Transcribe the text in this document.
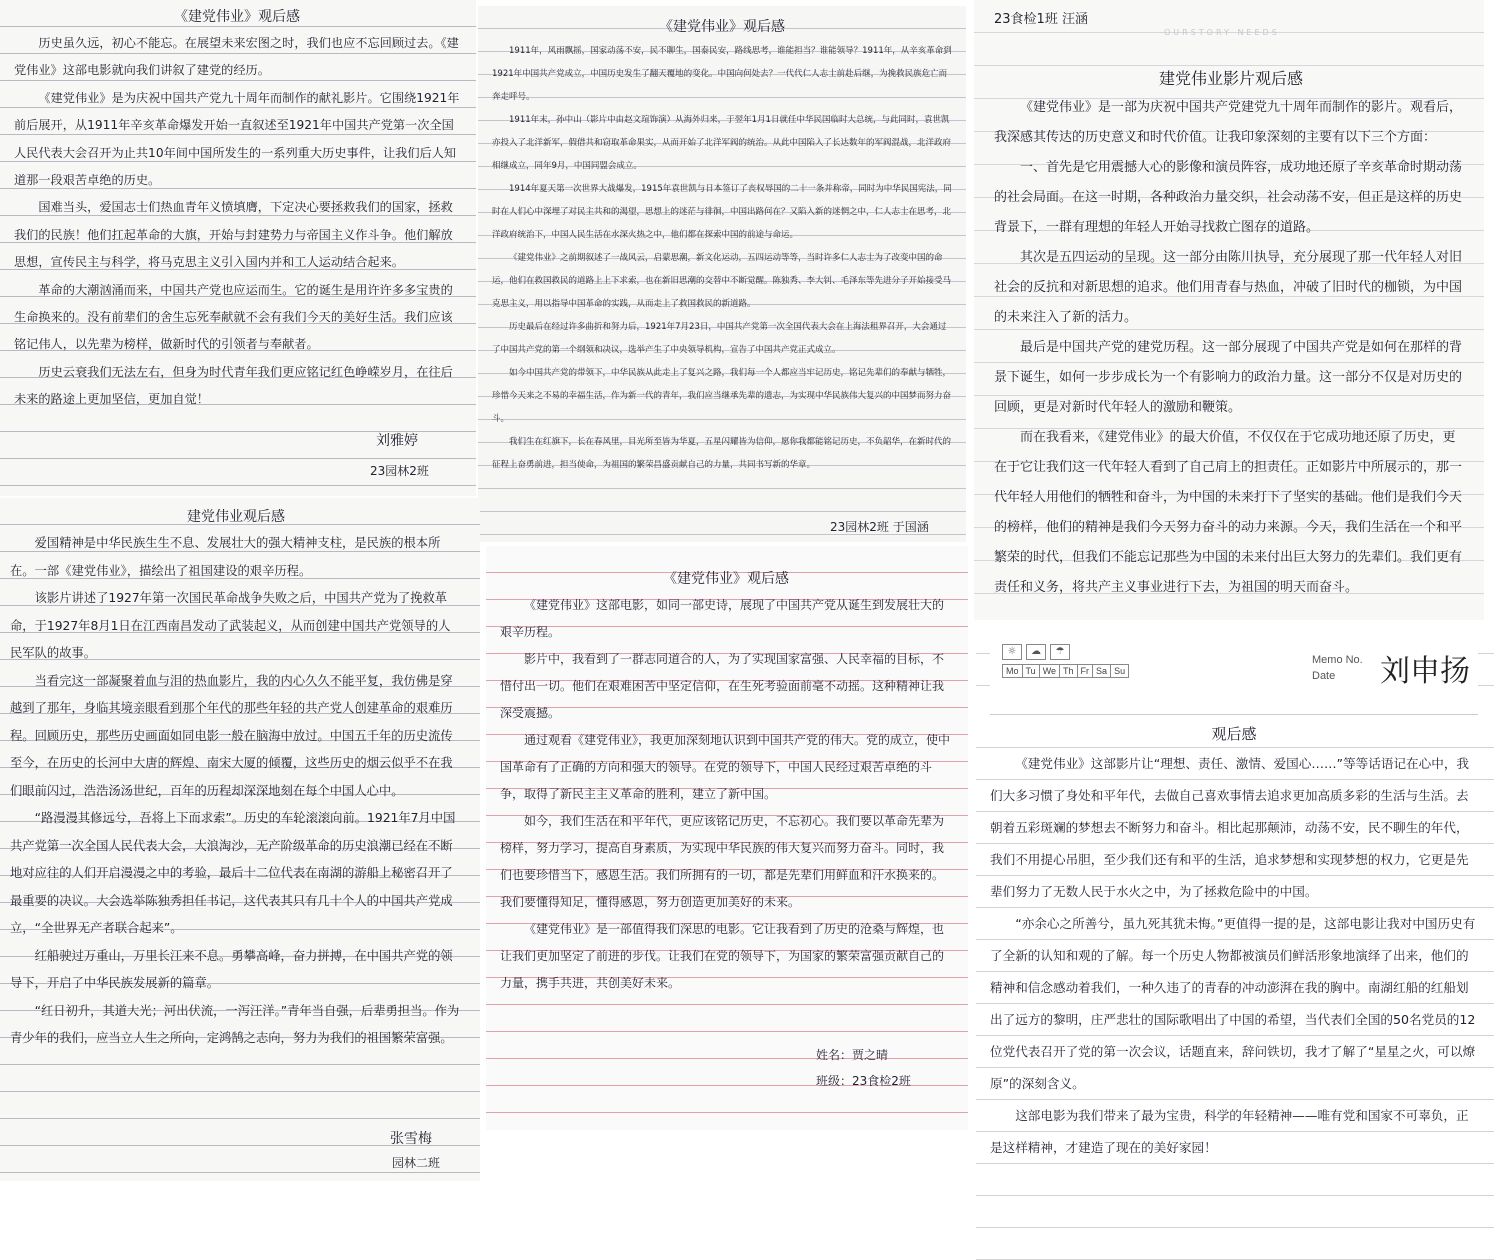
《建党伟业》观后感

历史虽久远，初心不能忘。在展望未来宏图之时，我们也应不忘回顾过去。《建党伟业》这部电影就向我们讲叙了建党的经历。

《建党伟业》是为庆祝中国共产党九十周年而制作的献礼影片。它围绕1921年前后展开，从1911年辛亥革命爆发开始一直叙述至1921年中国共产党第一次全国人民代表大会召开为止共10年间中国所发生的一系列重大历史事件，让我们后人知道那一段艰苦卓绝的历史。

国难当头，爱国志士们热血青年义愤填膺，下定决心要拯救我们的国家，拯救我们的民族！他们扛起革命的大旗，开始与封建势力与帝国主义作斗争。他们解放思想，宣传民主与科学，将马克思主义引入国内并和工人运动结合起来。

革命的大潮汹涌而来，中国共产党也应运而生。它的诞生是用许许多多宝贵的生命换来的。没有前辈们的舍生忘死奉献就不会有我们今天的美好生活。我们应该铭记伟人，以先辈为榜样，做新时代的引领者与奉献者。

历史云衰我们无法左右，但身为时代青年我们更应铭记红色峥嵘岁月，在往后未来的路途上更加坚信，更加自觉！

刘雅婷
23园林2班
《建党伟业》观后感

1911年，风雨飘摇，国家动荡不安，民不聊生，国泰民安，路线思考，谁能担当？谁能领导？1911年，从辛亥革命到1921年中国共产党成立，中国历史发生了翻天覆地的变化。中国向何处去？一代代仁人志士前赴后继，为挽救民族危亡而奔走呼号。

1911年末，孙中山（影片中由赵文瑄饰演）从海外归来，于翌年1月1日就任中华民国临时大总统，与此同时，袁世凯亦投入了北洋新军，假借共和窃取革命果实，从而开始了北洋军阀的统治。从此中国陷入了长达数年的军阀混战，北洋政府相继成立，同年9月，中国同盟会成立。

1914年夏天第一次世界大战爆发，1915年袁世凯与日本签订了丧权辱国的二十一条并称帝，同时为中华民国宪法，同时在人们心中深埋了对民主共和的渴望，思想上的迷茫与徘徊，中国出路何在？又陷入新的迷惘之中，仁人志士在思考，北洋政府统治下，中国人民生活在水深火热之中，他们都在探索中国的前途与命运。

《建党伟业》之前期叙述了一战风云，启蒙思潮，新文化运动，五四运动等等，当时许多仁人志士为了改变中国的命运，他们在救国救民的道路上上下求索，也在新旧思潮的交替中不断觉醒。陈独秀、李大钊、毛泽东等先进分子开始接受马克思主义，用以指导中国革命的实践，从而走上了救国救民的新道路。

历史最后在经过许多曲折和努力后，1921年7月23日，中国共产党第一次全国代表大会在上海法租界召开，大会通过了中国共产党的第一个纲领和决议，选举产生了中央领导机构，宣告了中国共产党正式成立。

如今中国共产党的带领下，中华民族从此走上了复兴之路，我们每一个人都应当牢记历史，铭记先辈们的奉献与牺牲，珍惜今天来之不易的幸福生活，作为新一代的青年，我们应当继承先辈的遗志，为实现中华民族伟大复兴的中国梦而努力奋斗。

我们生在红旗下，长在春风里，目光所至皆为华夏，五星闪耀皆为信仰，愿你我都能铭记历史，不负韶华，在新时代的征程上奋勇前进，担当使命，为祖国的繁荣昌盛贡献自己的力量，共同书写新的华章。

23园林2班 于国涵
23食检1班 汪涵
OURSTORY NEEDS
建党伟业影片观后感

《建党伟业》是一部为庆祝中国共产党建党九十周年而制作的影片。观看后，我深感其传达的历史意义和时代价值。让我印象深刻的主要有以下三个方面：

一、首先是它用震撼人心的影像和演员阵容，成功地还原了辛亥革命时期动荡的社会局面。在这一时期，各种政治力量交织，社会动荡不安，但正是这样的历史背景下，一群有理想的年轻人开始寻找救亡图存的道路。

其次是五四运动的呈现。这一部分由陈川执导，充分展现了那一代年轻人对旧社会的反抗和对新思想的追求。他们用青春与热血，冲破了旧时代的枷锁，为中国的未来注入了新的活力。

最后是中国共产党的建党历程。这一部分展现了中国共产党是如何在那样的背景下诞生，如何一步步成长为一个有影响力的政治力量。这一部分不仅是对历史的回顾，更是对新时代年轻人的激励和鞭策。

而在我看来，《建党伟业》的最大价值，不仅仅在于它成功地还原了历史，更在于它让我们这一代年轻人看到了自己肩上的担责任。正如影片中所展示的，那一代年轻人用他们的牺牲和奋斗，为中国的未来打下了坚实的基础。他们是我们今天的榜样，他们的精神是我们今天努力奋斗的动力来源。今天，我们生活在一个和平繁荣的时代，但我们不能忘记那些为中国的未来付出巨大努力的先辈们。我们更有责任和义务，将共产主义事业进行下去，为祖国的明天而奋斗。

建党伟业观后感

爱国精神是中华民族生生不息、发展壮大的强大精神支柱，是民族的根本所在。一部《建党伟业》，描绘出了祖国建设的艰辛历程。

该影片讲述了1927年第一次国民革命战争失败之后，中国共产党为了挽救革命，于1927年8月1日在江西南昌发动了武装起义，从而创建中国共产党领导的人民军队的故事。

当看完这一部凝聚着血与泪的热血影片，我的内心久久不能平复，我仿佛是穿越到了那年，身临其境亲眼看到那个年代的那些年轻的共产党人创建革命的艰难历程。回顾历史，那些历史画面如同电影一般在脑海中放过。中国五千年的历史流传至今，在历史的长河中大唐的辉煌、南宋大厦的倾覆，这些历史的烟云似乎不在我们眼前闪过，浩浩汤汤世纪，百年的历程却深深地刻在每个中国人心中。

“路漫漫其修远兮，吾将上下而求索”。历史的车轮滚滚向前。1921年7月中国共产党第一次全国人民代表大会，大浪淘沙，无产阶级革命的历史浪潮已经在不断地对应往的人们开启漫漫之中的考验，最后十二位代表在南湖的游船上秘密召开了最重要的决议。大会选举陈独秀担任书记，这代表其只有几十个人的中国共产党成立，“全世界无产者联合起来”。

红船驶过万重山，万里长江来不息。勇攀高峰，奋力拼搏，在中国共产党的领导下，开启了中华民族发展新的篇章。

“红日初升，其道大光；河出伏流，一泻汪洋。”青年当自强，后辈勇担当。作为青少年的我们，应当立人生之所向，定鸿鹄之志向，努力为我们的祖国繁荣富强。

张雪梅
园林二班
《建党伟业》观后感

《建党伟业》这部电影，如同一部史诗，展现了中国共产党从诞生到发展壮大的艰辛历程。

影片中，我看到了一群志同道合的人，为了实现国家富强、人民幸福的目标，不惜付出一切。他们在艰难困苦中坚定信仰，在生死考验面前毫不动摇。这种精神让我深受震撼。

通过观看《建党伟业》，我更加深刻地认识到中国共产党的伟大。党的成立，使中国革命有了正确的方向和强大的领导。在党的领导下，中国人民经过艰苦卓绝的斗争，取得了新民主主义革命的胜利，建立了新中国。

如今，我们生活在和平年代，更应该铭记历史，不忘初心。我们要以革命先辈为榜样，努力学习，提高自身素质，为实现中华民族的伟大复兴而努力奋斗。同时，我们也要珍惜当下，感恩生活。我们所拥有的一切，都是先辈们用鲜血和汗水换来的。我们要懂得知足，懂得感恩，努力创造更加美好的未来。

《建党伟业》是一部值得我们深思的电影。它让我看到了历史的沧桑与辉煌，也让我们更加坚定了前进的步伐。让我们在党的领导下，为国家的繁荣富强贡献自己的力量，携手共进，共创美好未来。

姓名：贾之晴
班级：23食检2班
☼	☁	☂
Mo Tu We Th Fr Sa Su
Memo No.
Date	刘申扬
观后感

《建党伟业》这部影片让“理想、责任、激情、爱国心……”等等话语记在心中，我们大多习惯了身处和平年代，去做自己喜欢事情去追求更加高质多彩的生活与生活。去朝着五彩斑斓的梦想去不断努力和奋斗。相比起那颠沛，动荡不安，民不聊生的年代，我们不用提心吊胆，至少我们还有和平的生活，追求梦想和实现梦想的权力，它更是先辈们努力了无数人民于水火之中，为了拯救危险中的中国。

“亦余心之所善兮，虽九死其犹未悔。”更值得一提的是，这部电影让我对中国历史有了全新的认知和观的了解。每一个历史人物都被演员们鲜活形象地演绎了出来，他们的精神和信念感动着我们，一种久违了的青春的冲动澎湃在我的胸中。南湖红船的红船划出了远方的黎明，庄严悲壮的国际歌唱出了中国的希望，当代表们全国的50名党员的12位党代表召开了党的第一次会议，话题直来，辞问铁切，我才了解了“星星之火，可以燎原”的深刻含义。

这部电影为我们带来了最为宝贵，科学的年轻精神——唯有党和国家不可辜负，正是这样精神，才建造了现在的美好家园！
